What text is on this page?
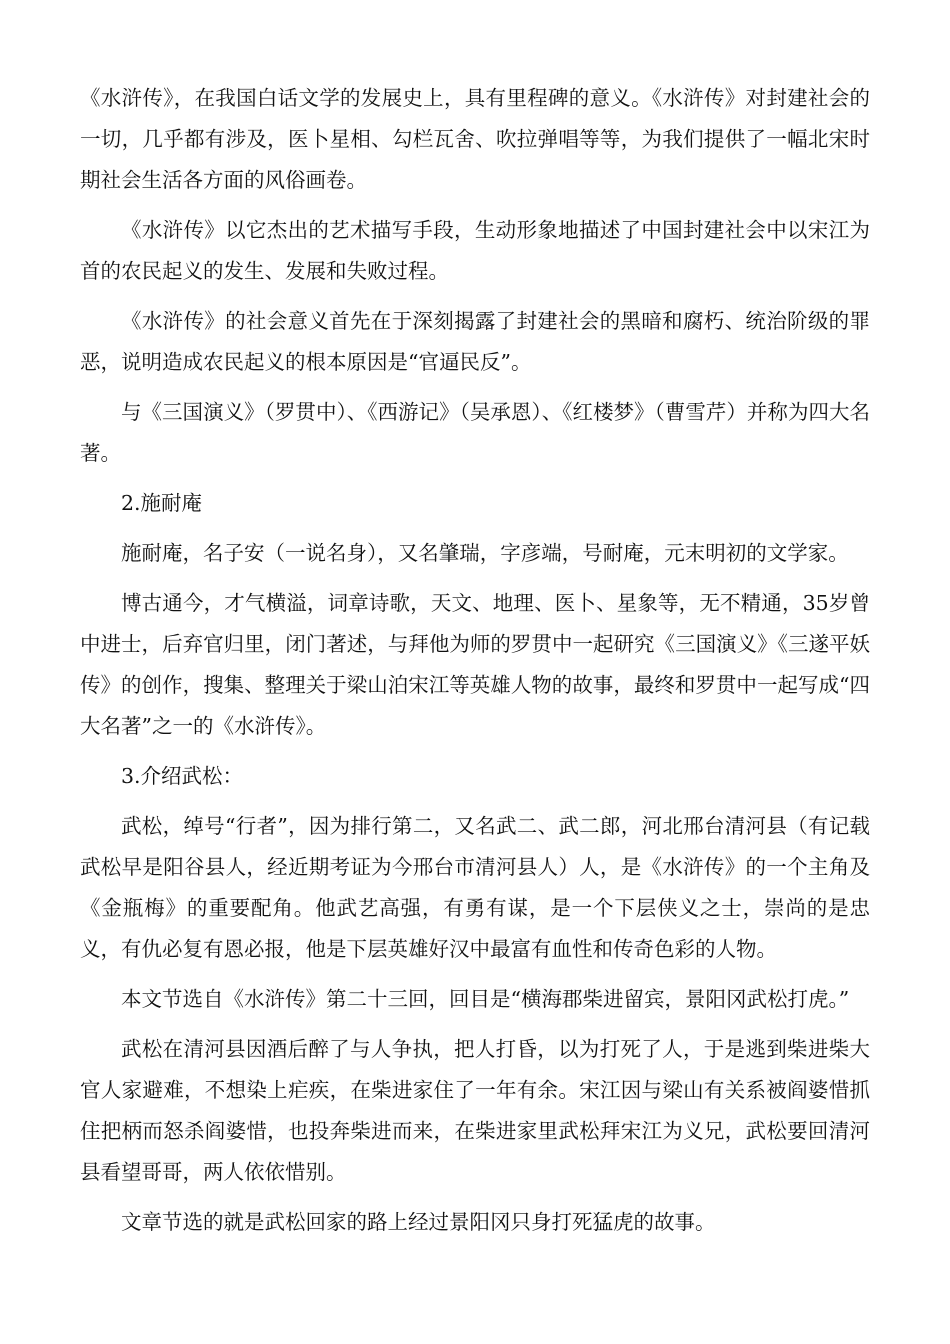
《水浒传》，在我国白话文学的发展史上，具有里程碑的意义。《水浒传》对封建社会的一切，几乎都有涉及，医卜星相、勾栏瓦舍、吹拉弹唱等等，为我们提供了一幅北宋时期社会生活各方面的风俗画卷。

《水浒传》以它杰出的艺术描写手段，生动形象地描述了中国封建社会中以宋江为首的农民起义的发生、发展和失败过程。

《水浒传》的社会意义首先在于深刻揭露了封建社会的黑暗和腐朽、统治阶级的罪恶，说明造成农民起义的根本原因是“官逼民反”。

与《三国演义》（罗贯中）、《西游记》（吴承恩）、《红楼梦》（曹雪芹）并称为四大名著。

2.施耐庵

施耐庵，名子安（一说名身），又名肇瑞，字彦端，号耐庵，元末明初的文学家。

博古通今，才气横溢，词章诗歌，天文、地理、医卜、星象等，无不精通，35岁曾中进士，后弃官归里，闭门著述，与拜他为师的罗贯中一起研究《三国演义》《三遂平妖传》的创作，搜集、整理关于梁山泊宋江等英雄人物的故事，最终和罗贯中一起写成“四大名著”之一的《水浒传》。

3.介绍武松：

武松，绰号“行者”，因为排行第二，又名武二、武二郎，河北邢台清河县（有记载武松早是阳谷县人，经近期考证为今邢台市清河县人）人，是《水浒传》的一个主角及《金瓶梅》的重要配角。他武艺高强，有勇有谋，是一个下层侠义之士，崇尚的是忠义，有仇必复有恩必报，他是下层英雄好汉中最富有血性和传奇色彩的人物。

本文节选自《水浒传》第二十三回，回目是“横海郡柴进留宾，景阳冈武松打虎。”

武松在清河县因酒后醉了与人争执，把人打昏，以为打死了人，于是逃到柴进柴大官人家避难，不想染上疟疾，在柴进家住了一年有余。宋江因与梁山有关系被阎婆惜抓住把柄而怒杀阎婆惜，也投奔柴进而来，在柴进家里武松拜宋江为义兄，武松要回清河县看望哥哥，两人依依惜别。

文章节选的就是武松回家的路上经过景阳冈只身打死猛虎的故事。
